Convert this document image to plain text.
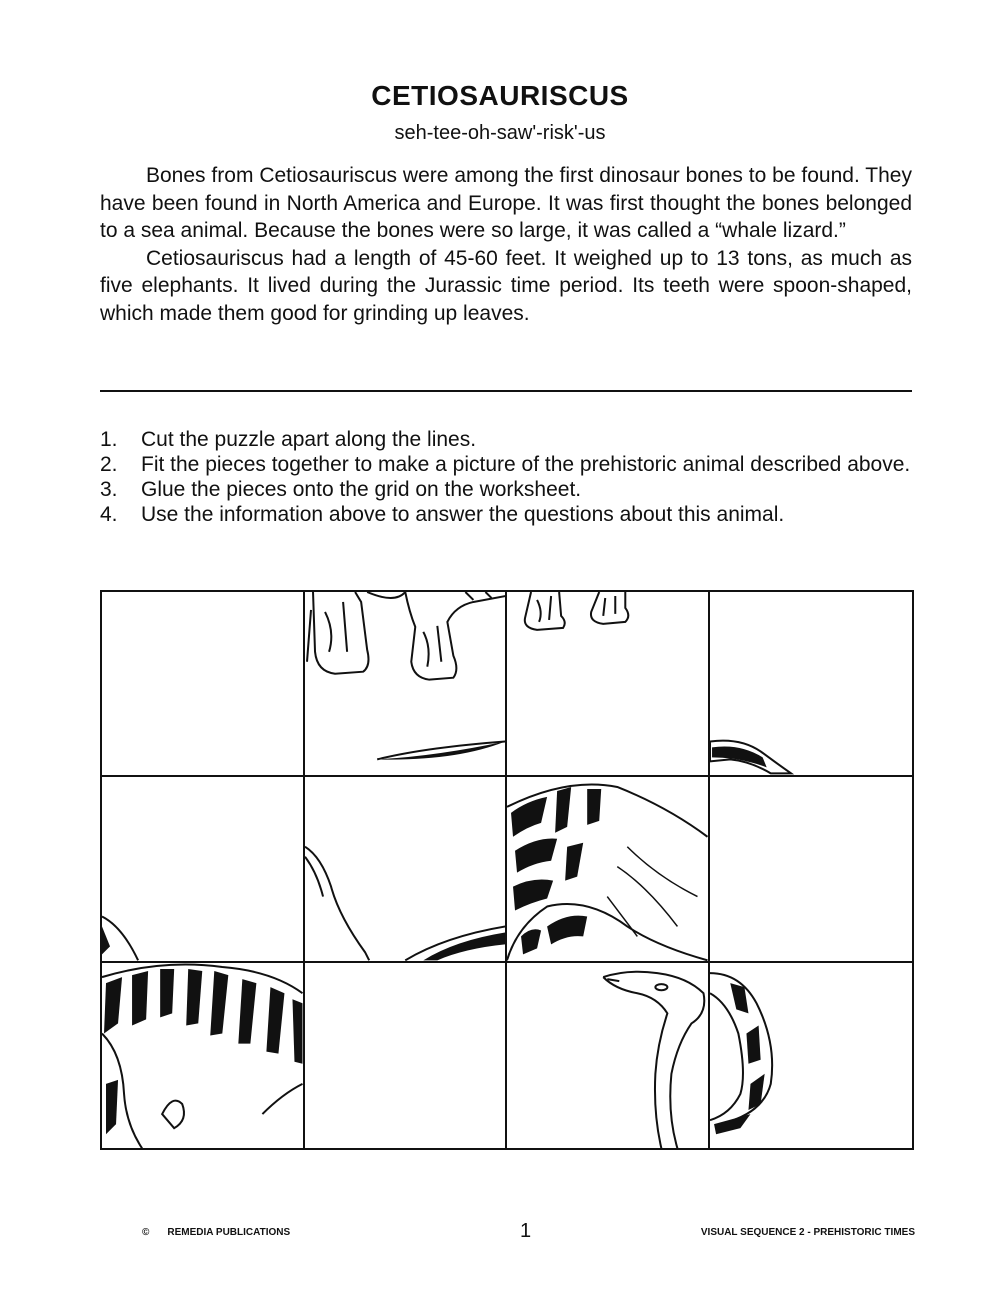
CETIOSAURISCUS
seh-tee-oh-saw'-risk'-us

Bones from Cetiosauriscus were among the first dinosaur bones to be found. They have been found in North America and Europe. It was first thought the bones belonged to a sea animal. Because the bones were so large, it was called a “whale lizard.”

Cetiosauriscus had a length of 45-60 feet. It weighed up to 13 tons, as much as five elephants. It lived during the Jurassic time period. Its teeth were spoon-shaped, which made them good for grinding up leaves.

1.	Cut the puzzle apart along the lines.
2.	Fit the pieces together to make a picture of the prehistoric animal described above.
3.	Glue the pieces onto the grid on the worksheet.
4.	Use the information above to answer the questions about this animal.
© REMEDIA PUBLICATIONS	1	VISUAL SEQUENCE 2 - PREHISTORIC TIMES
